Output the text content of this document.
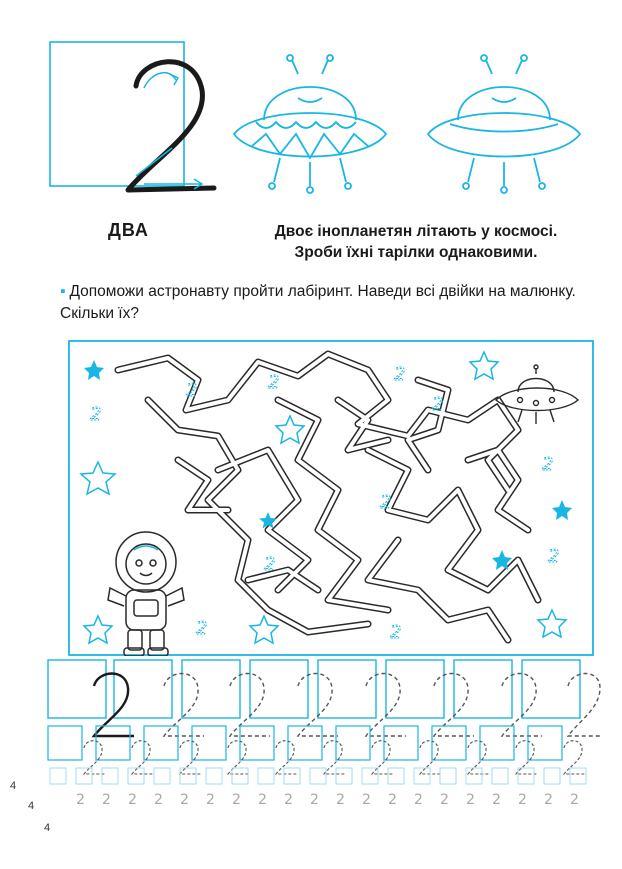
ДВА	Двоє інопланетян літають у космосі.
Зроби їхні тарілки однаковими.
▪ Допоможи астронавту пройти лабіринт. Наведи всі двійки на малюнку. Скільки їх?
2
2	2	2
2
2
2
2	2
2	2
2 2 2 2 2 2 2 2 2 2 2 2 2 2 2 2 2 2 2 2
4
4
4
